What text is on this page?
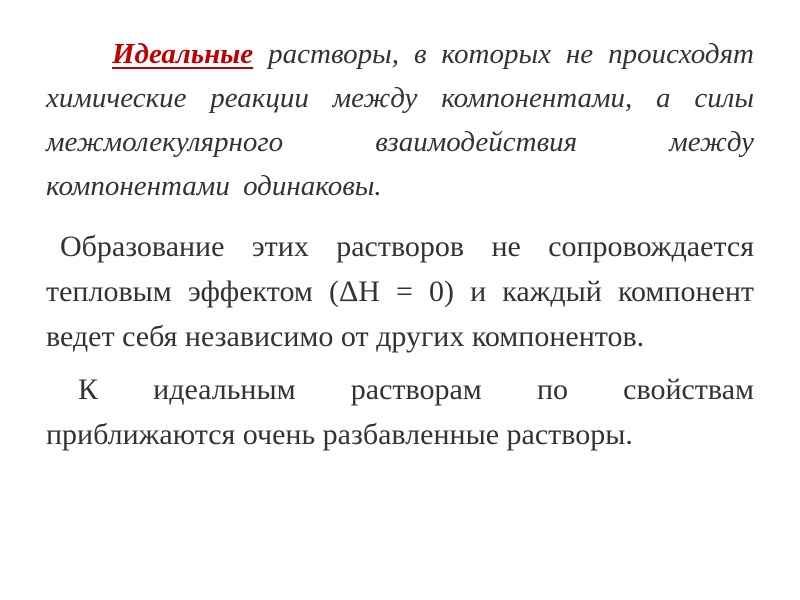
Идеальные растворы, в которых не происходят химические реакции между компонентами, а силы межмолекулярного взаимодействия между компонентами одинаковы.

Образование этих растворов не сопровождается тепловым эффектом (ΔН = 0) и каждый компонент ведет себя независимо от других компонентов.

К идеальным растворам по свойствам приближаются очень разбавленные растворы.
